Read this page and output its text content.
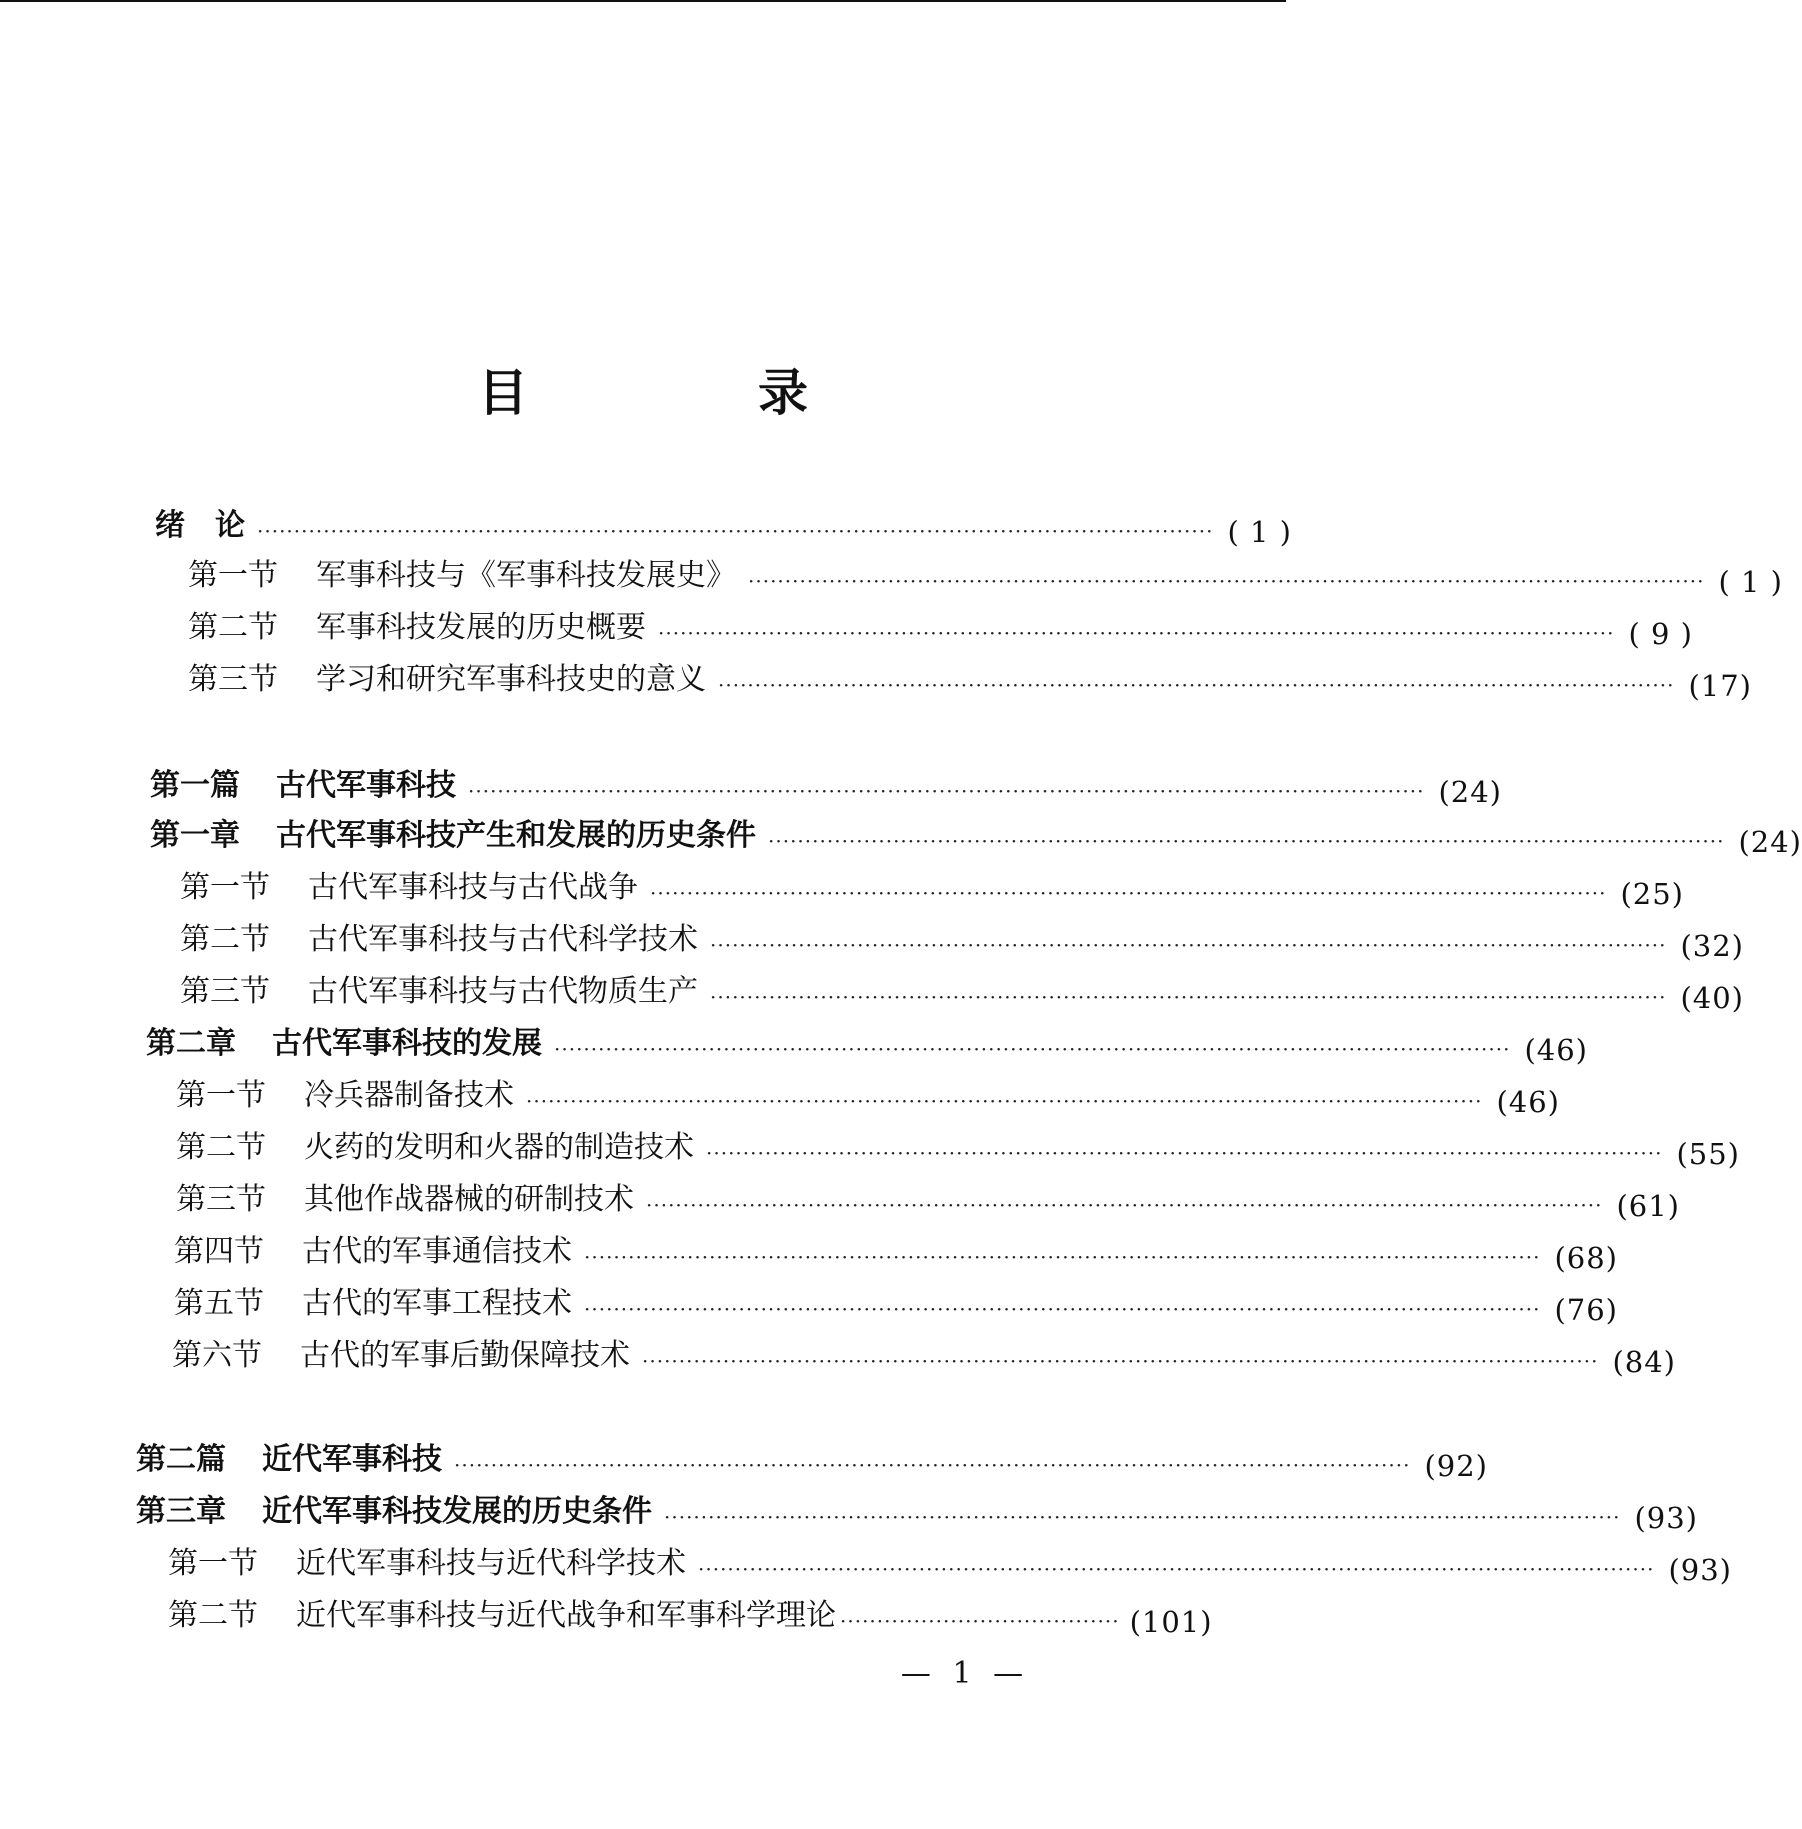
目　录
绪　论 ·································································································································· ( 1 )
第一节 军事科技与《军事科技发展史》 ·································································································································· ( 1 )
第二节 军事科技发展的历史概要 ·································································································································· ( 9 )
第三节 学习和研究军事科技史的意义 ·································································································································· (17)
第一篇 古代军事科技 ·································································································································· (24)
第一章 古代军事科技产生和发展的历史条件 ·································································································································· (24)
第一节 古代军事科技与古代战争 ·································································································································· (25)
第二节 古代军事科技与古代科学技术 ·································································································································· (32)
第三节 古代军事科技与古代物质生产 ·································································································································· (40)
第二章 古代军事科技的发展 ·································································································································· (46)
第一节 冷兵器制备技术 ·································································································································· (46)
第二节 火药的发明和火器的制造技术 ·································································································································· (55)
第三节 其他作战器械的研制技术 ·································································································································· (61)
第四节 古代的军事通信技术 ·································································································································· (68)
第五节 古代的军事工程技术 ·································································································································· (76)
第六节 古代的军事后勤保障技术 ·································································································································· (84)
第二篇 近代军事科技 ·································································································································· (92)
第三章 近代军事科技发展的历史条件 ·································································································································· (93)
第一节 近代军事科技与近代科学技术 ·································································································································· (93)
第二节 近代军事科技与近代战争和军事科学理论 ······································ (101)
— 1 —
